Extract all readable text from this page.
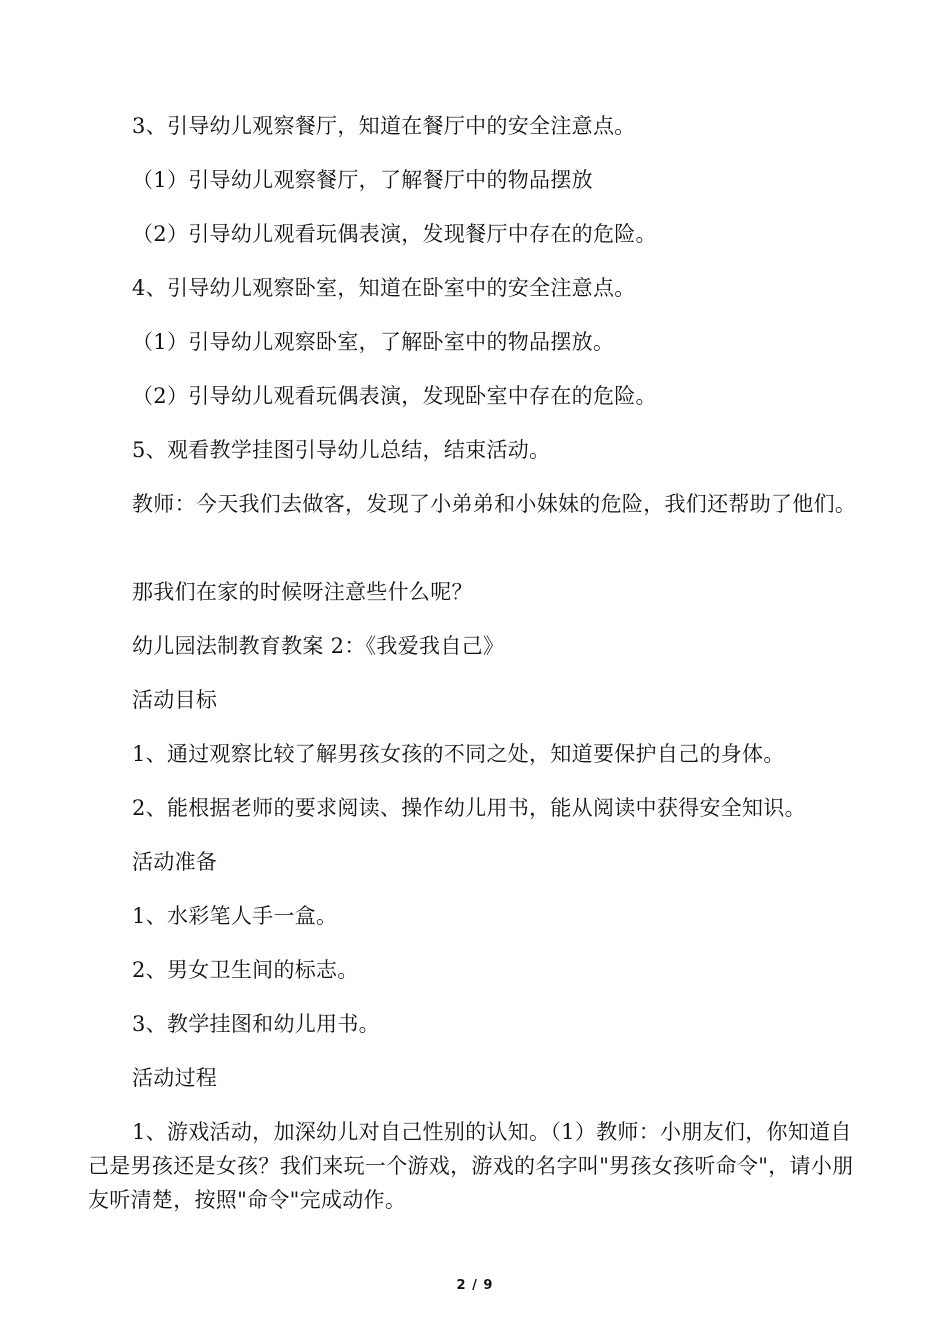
3、引导幼儿观察餐厅，知道在餐厅中的安全注意点。

（1）引导幼儿观察餐厅，了解餐厅中的物品摆放

（2）引导幼儿观看玩偶表演，发现餐厅中存在的危险。

4、引导幼儿观察卧室，知道在卧室中的安全注意点。

（1）引导幼儿观察卧室，了解卧室中的物品摆放。

（2）引导幼儿观看玩偶表演，发现卧室中存在的危险。

5、观看教学挂图引导幼儿总结，结束活动。

教师：今天我们去做客，发现了小弟弟和小妹妹的危险，我们还帮助了他们。

那我们在家的时候呀注意些什么呢？

幼儿园法制教育教案 2：《我爱我自己》

活动目标

1、通过观察比较了解男孩女孩的不同之处，知道要保护自己的身体。

2、能根据老师的要求阅读、操作幼儿用书，能从阅读中获得安全知识。

活动准备

1、水彩笔人手一盒。

2、男女卫生间的标志。

3、教学挂图和幼儿用书。

活动过程

1、游戏活动，加深幼儿对自己性别的认知。（1）教师：小朋友们，你知道自己是男孩还是女孩？我们来玩一个游戏，游戏的名字叫"男孩女孩听命令"，请小朋友听清楚，按照"命令"完成动作。

2 / 9
